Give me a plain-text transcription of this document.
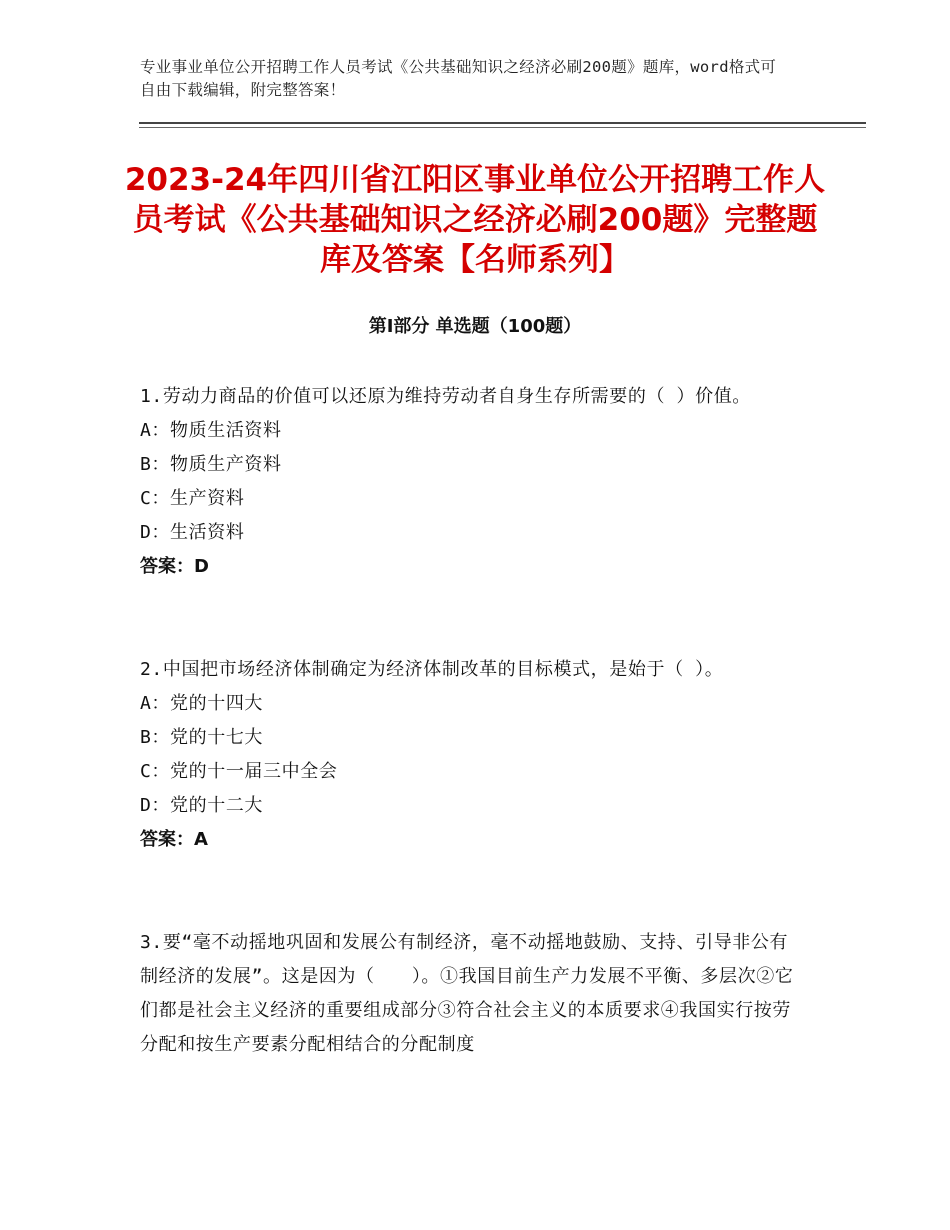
专业事业单位公开招聘工作人员考试《公共基础知识之经济必刷200题》题库，word格式可自由下载编辑，附完整答案！
2023-24年四川省江阳区事业单位公开招聘工作人员考试《公共基础知识之经济必刷200题》完整题库及答案【名师系列】
第I部分 单选题（100题）

1.劳动力商品的价值可以还原为维持劳动者自身生存所需要的（ ）价值。

A：物质生活资料

B：物质生产资料

C：生产资料

D：生活资料

答案：D

2.中国把市场经济体制确定为经济体制改革的目标模式，是始于（ ）。

A：党的十四大

B：党的十七大

C：党的十一届三中全会

D：党的十二大

答案：A

3.要“毫不动摇地巩固和发展公有制经济，毫不动摇地鼓励、支持、引导非公有制经济的发展”。这是因为（　　）。①我国目前生产力发展不平衡、多层次②它们都是社会主义经济的重要组成部分③符合社会主义的本质要求④我国实行按劳分配和按生产要素分配相结合的分配制度
